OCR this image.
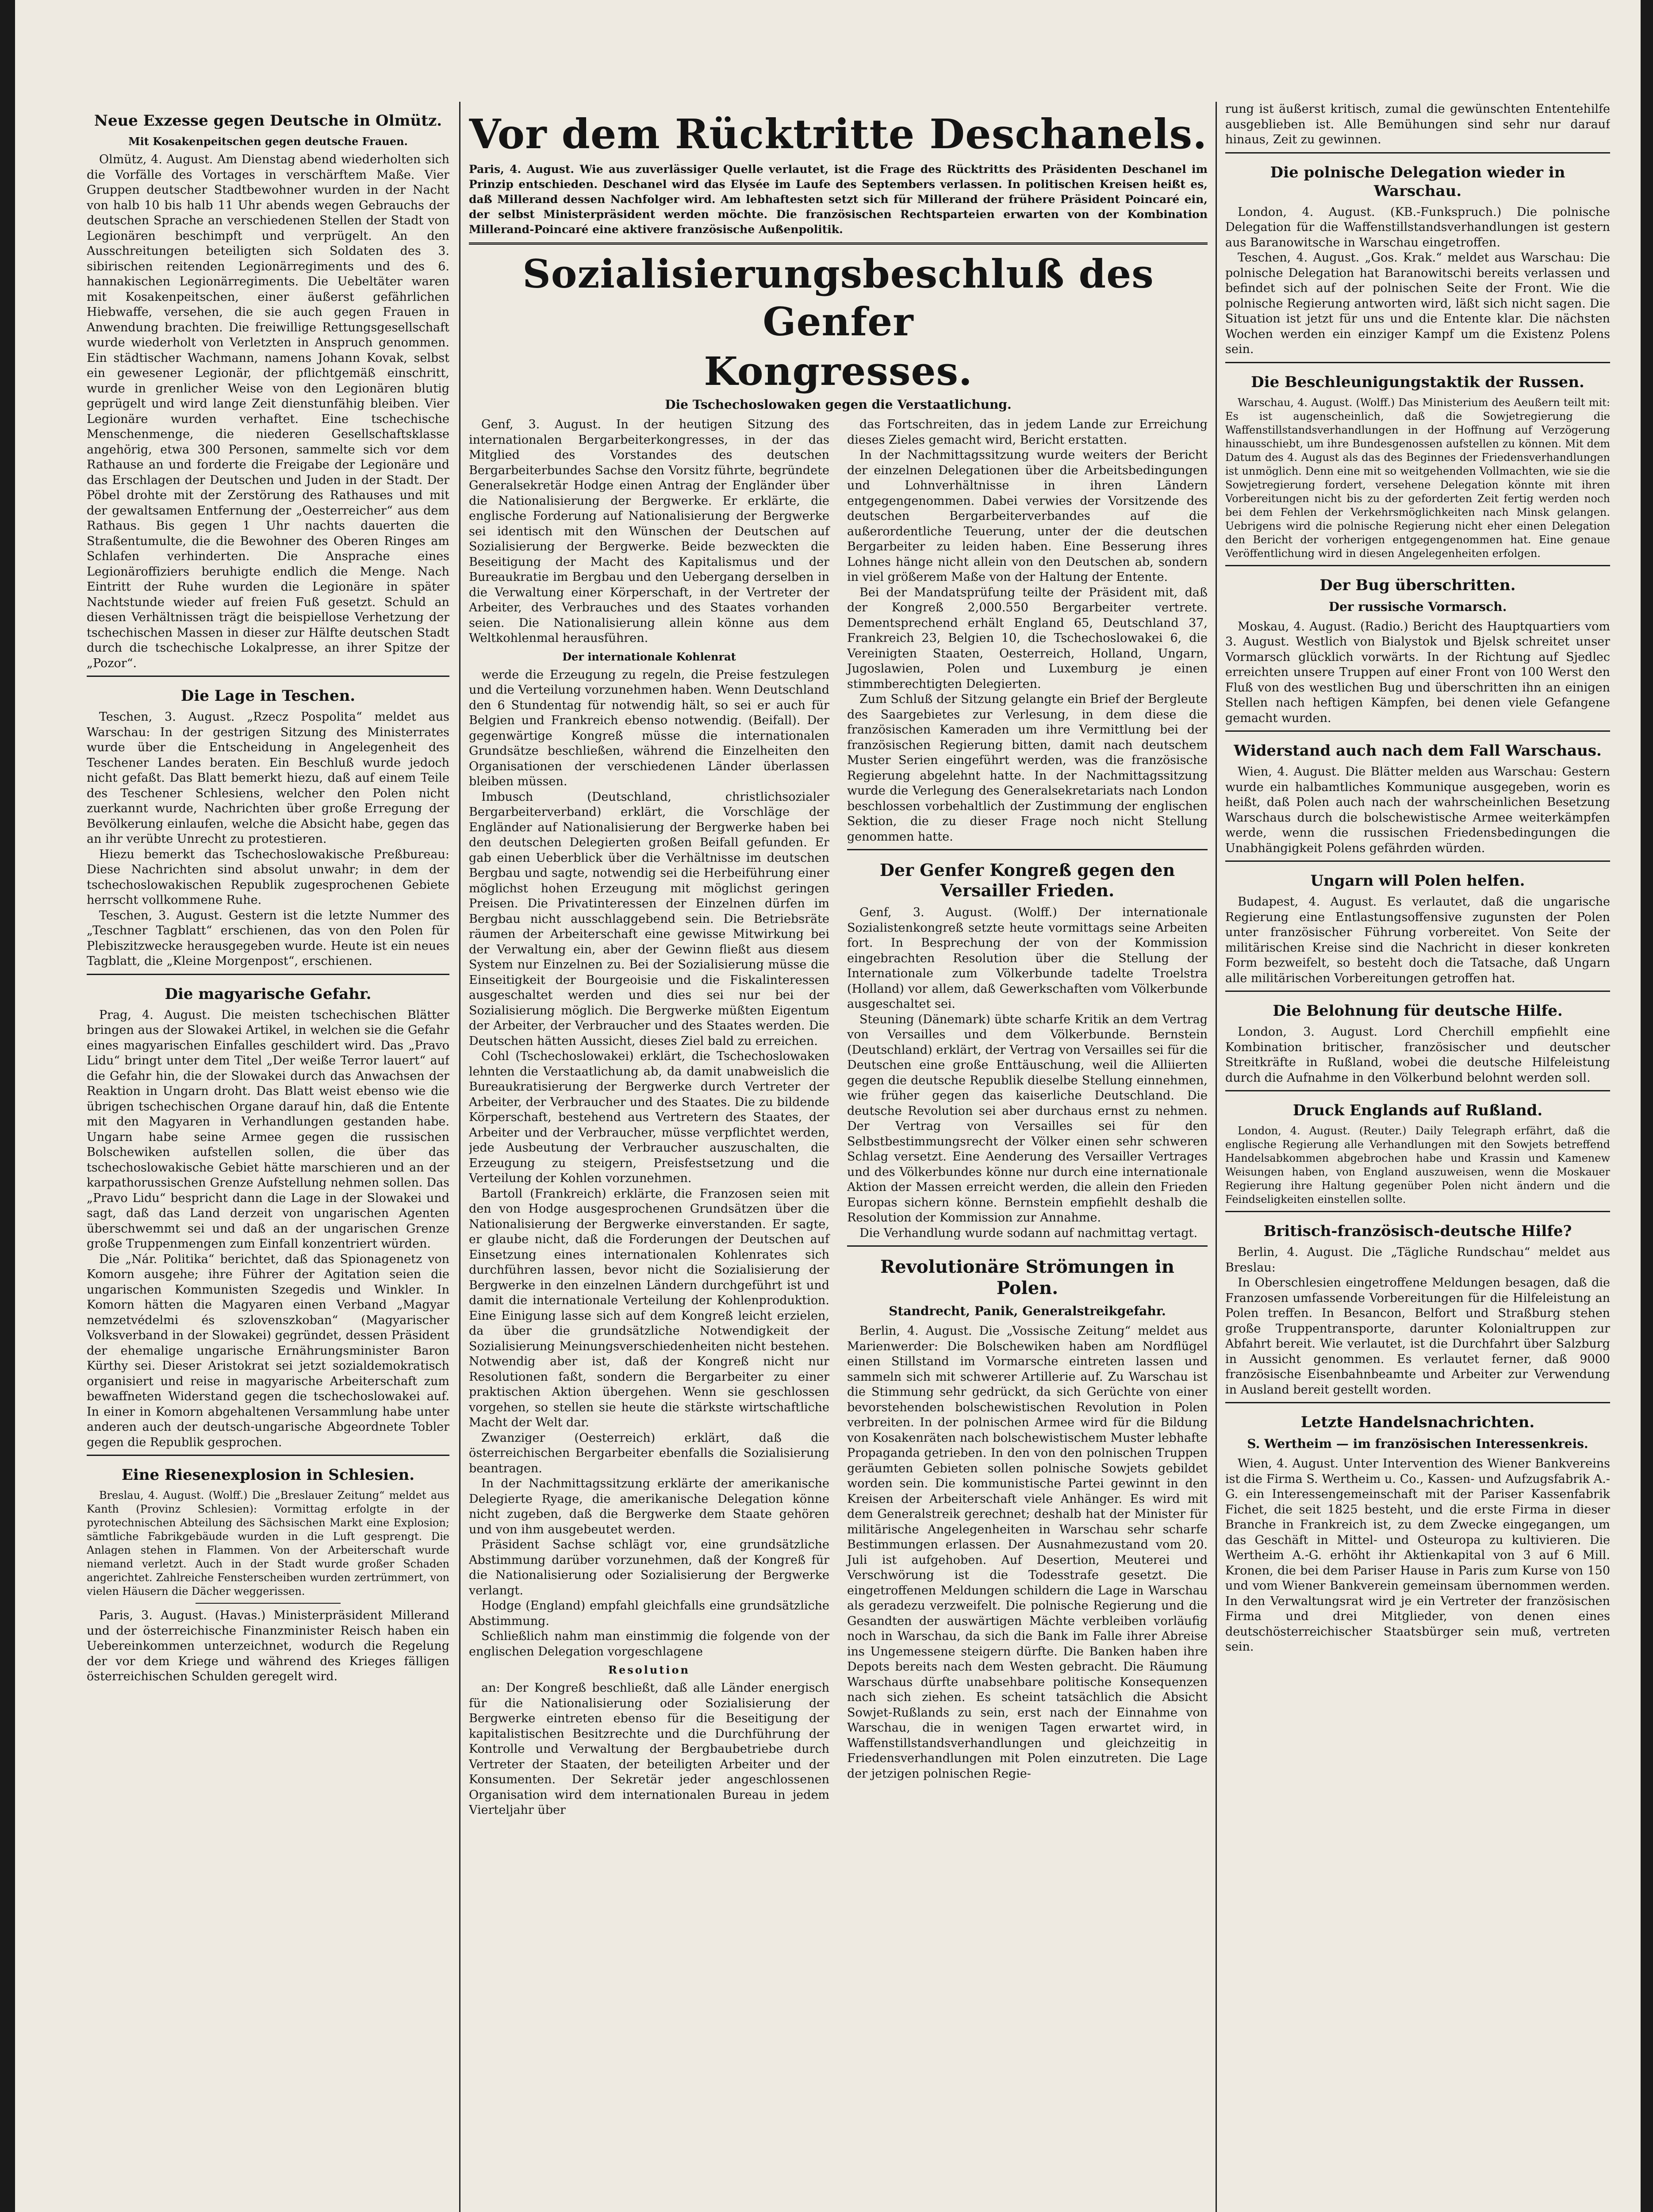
Neue Exzesse gegen Deutsche in Olmütz.
Mit Kosakenpeitschen gegen deutsche Frauen.

Olmütz, 4. August. Am Dienstag abend wiederholten sich die Vorfälle des Vortages in verschärftem Maße. Vier Gruppen deutscher Stadtbewohner wurden in der Nacht von halb 10 bis halb 11 Uhr abends wegen Gebrauchs der deutschen Sprache an verschiedenen Stellen der Stadt von Legionären beschimpft und verprügelt. An den Ausschreitungen beteiligten sich Soldaten des 3. sibirischen reitenden Legionärregiments und des 6. hannakischen Legionärregiments. Die Uebeltäter waren mit Kosakenpeitschen, einer äußerst gefährlichen Hiebwaffe, versehen, die sie auch gegen Frauen in Anwendung brachten. Die freiwillige Rettungsgesellschaft wurde wiederholt von Verletzten in Anspruch genommen. Ein städtischer Wachmann, namens Johann Kovak, selbst ein gewesener Legionär, der pflichtgemäß einschritt, wurde in grenlicher Weise von den Legionären blutig geprügelt und wird lange Zeit dienstunfähig bleiben. Vier Legionäre wurden verhaftet. Eine tschechische Menschenmenge, die niederen Gesellschaftsklasse angehörig, etwa 300 Personen, sammelte sich vor dem Rathause an und forderte die Freigabe der Legionäre und das Erschlagen der Deutschen und Juden in der Stadt. Der Pöbel drohte mit der Zerstörung des Rathauses und mit der gewaltsamen Entfernung der „Oesterreicher“ aus dem Rathaus. Bis gegen 1 Uhr nachts dauerten die Straßentumulte, die die Bewohner des Oberen Ringes am Schlafen verhinderten. Die Ansprache eines Legionäroffiziers beruhigte endlich die Menge. Nach Eintritt der Ruhe wurden die Legionäre in später Nachtstunde wieder auf freien Fuß gesetzt. Schuld an diesen Verhältnissen trägt die beispiellose Verhetzung der tschechischen Massen in dieser zur Hälfte deutschen Stadt durch die tschechische Lokalpresse, an ihrer Spitze der „Pozor“.

Die Lage in Teschen.

Teschen, 3. August. „Rzecz Pospolita“ meldet aus Warschau: In der gestrigen Sitzung des Ministerrates wurde über die Entscheidung in Angelegenheit des Teschener Landes beraten. Ein Beschluß wurde jedoch nicht gefaßt. Das Blatt bemerkt hiezu, daß auf einem Teile des Teschener Schlesiens, welcher den Polen nicht zuerkannt wurde, Nachrichten über große Erregung der Bevölkerung einlaufen, welche die Absicht habe, gegen das an ihr verübte Unrecht zu protestieren.

Hiezu bemerkt das Tschechoslowakische Preßbureau: Diese Nachrichten sind absolut unwahr; in dem der tschechoslowakischen Republik zugesprochenen Gebiete herrscht vollkommene Ruhe.

Teschen, 3. August. Gestern ist die letzte Nummer des „Teschner Tagblatt“ erschienen, das von den Polen für Plebiszitzwecke herausgegeben wurde. Heute ist ein neues Tagblatt, die „Kleine Morgenpost“, erschienen.

Die magyarische Gefahr.

Prag, 4. August. Die meisten tschechischen Blätter bringen aus der Slowakei Artikel, in welchen sie die Gefahr eines magyarischen Einfalles geschildert wird. Das „Pravo Lidu“ bringt unter dem Titel „Der weiße Terror lauert“ auf die Gefahr hin, die der Slowakei durch das Anwachsen der Reaktion in Ungarn droht. Das Blatt weist ebenso wie die übrigen tschechischen Organe darauf hin, daß die Entente mit den Magyaren in Verhandlungen gestanden habe. Ungarn habe seine Armee gegen die russischen Bolschewiken aufstellen sollen, die über das tschechoslowakische Gebiet hätte marschieren und an der karpathorussischen Grenze Aufstellung nehmen sollen. Das „Pravo Lidu“ bespricht dann die Lage in der Slowakei und sagt, daß das Land derzeit von ungarischen Agenten überschwemmt sei und daß an der ungarischen Grenze große Truppenmengen zum Einfall konzentriert würden.

Die „Nár. Politika“ berichtet, daß das Spionagenetz von Komorn ausgehe; ihre Führer der Agitation seien die ungarischen Kommunisten Szegedis und Winkler. In Komorn hätten die Magyaren einen Verband „Magyar nemzetvédelmi és szlovenszkoban“ (Magyarischer Volksverband in der Slowakei) gegründet, dessen Präsident der ehemalige ungarische Ernährungsminister Baron Kürthy sei. Dieser Aristokrat sei jetzt sozialdemokratisch organisiert und reise in magyarische Arbeiterschaft zum bewaffneten Widerstand gegen die tschechoslowakei auf. In einer in Komorn abgehaltenen Versammlung habe unter anderen auch der deutsch-ungarische Abgeordnete Tobler gegen die Republik gesprochen.

Eine Riesenexplosion in Schlesien.

Breslau, 4. August. (Wolff.) Die „Breslauer Zeitung“ meldet aus Kanth (Provinz Schlesien): Vormittag erfolgte in der pyrotechnischen Abteilung des Sächsischen Markt eine Explosion; sämtliche Fabrikgebäude wurden in die Luft gesprengt. Die Anlagen stehen in Flammen. Von der Arbeiterschaft wurde niemand verletzt. Auch in der Stadt wurde großer Schaden angerichtet. Zahlreiche Fensterscheiben wurden zertrümmert, von vielen Häusern die Dächer weggerissen.

Paris, 3. August. (Havas.) Ministerpräsident Millerand und der österreichische Finanzminister Reisch haben ein Uebereinkommen unterzeichnet, wodurch die Regelung der vor dem Kriege und während des Krieges fälligen österreichischen Schulden geregelt wird.

Vor dem Rücktritte Deschanels.
Paris, 4. August. Wie aus zuverlässiger Quelle verlautet, ist die Frage des Rücktritts des Präsidenten Deschanel im Prinzip entschieden. Deschanel wird das Elysée im Laufe des Septembers verlassen. In politischen Kreisen heißt es, daß Millerand dessen Nachfolger wird. Am lebhaftesten setzt sich für Millerand der frühere Präsident Poincaré ein, der selbst Ministerpräsident werden möchte. Die französischen Rechtsparteien erwarten von der Kombination Millerand-Poincaré eine aktivere französische Außenpolitik.
Sozialisierungsbeschluß des Genfer
Kongresses.
Die Tschechoslowaken gegen die Verstaatlichung.

Genf, 3. August. In der heutigen Sitzung des internationalen Bergarbeiterkongresses, in der das Mitglied des Vorstandes des deutschen Bergarbeiterbundes Sachse den Vorsitz führte, begründete Generalsekretär Hodge einen Antrag der Engländer über die Nationalisierung der Bergwerke. Er erklärte, die englische Forderung auf Nationalisierung der Bergwerke sei identisch mit den Wünschen der Deutschen auf Sozialisierung der Bergwerke. Beide bezweckten die Beseitigung der Macht des Kapitalismus und der Bureaukratie im Bergbau und den Uebergang derselben in die Verwaltung einer Körperschaft, in der Vertreter der Arbeiter, des Verbrauches und des Staates vorhanden seien. Die Nationalisierung allein könne aus dem Weltkohlenmal herausführen.

Der internationale Kohlenrat

werde die Erzeugung zu regeln, die Preise festzulegen und die Verteilung vorzunehmen haben. Wenn Deutschland den 6 Stundentag für notwendig hält, so sei er auch für Belgien und Frankreich ebenso notwendig. (Beifall). Der gegenwärtige Kongreß müsse die internationalen Grundsätze beschließen, während die Einzelheiten den Organisationen der verschiedenen Länder überlassen bleiben müssen.

Imbusch (Deutschland, christlichsozialer Bergarbeiterverband) erklärt, die Vorschläge der Engländer auf Nationalisierung der Bergwerke haben bei den deutschen Delegierten großen Beifall gefunden. Er gab einen Ueberblick über die Verhältnisse im deutschen Bergbau und sagte, notwendig sei die Herbeiführung einer möglichst hohen Erzeugung mit möglichst geringen Preisen. Die Privatinteressen der Einzelnen dürfen im Bergbau nicht ausschlaggebend sein. Die Betriebsräte räumen der Arbeiterschaft eine gewisse Mitwirkung bei der Verwaltung ein, aber der Gewinn fließt aus diesem System nur Einzelnen zu. Bei der Sozialisierung müsse die Einseitigkeit der Bourgeoisie und die Fiskalinteressen ausgeschaltet werden und dies sei nur bei der Sozialisierung möglich. Die Bergwerke müßten Eigentum der Arbeiter, der Verbraucher und des Staates werden. Die Deutschen hätten Aussicht, dieses Ziel bald zu erreichen.

Cohl (Tschechoslowakei) erklärt, die Tschechoslowaken lehnten die Verstaatlichung ab, da damit unabweislich die Bureaukratisierung der Bergwerke durch Vertreter der Arbeiter, der Verbraucher und des Staates. Die zu bildende Körperschaft, bestehend aus Vertretern des Staates, der Arbeiter und der Verbraucher, müsse verpflichtet werden, jede Ausbeutung der Verbraucher auszuschalten, die Erzeugung zu steigern, Preisfestsetzung und die Verteilung der Kohlen vorzunehmen.

Bartoll (Frankreich) erklärte, die Franzosen seien mit den von Hodge ausgesprochenen Grundsätzen über die Nationalisierung der Bergwerke einverstanden. Er sagte, er glaube nicht, daß die Forderungen der Deutschen auf Einsetzung eines internationalen Kohlenrates sich durchführen lassen, bevor nicht die Sozialisierung der Bergwerke in den einzelnen Ländern durchgeführt ist und damit die internationale Verteilung der Kohlenproduktion. Eine Einigung lasse sich auf dem Kongreß leicht erzielen, da über die grundsätzliche Notwendigkeit der Sozialisierung Meinungsverschiedenheiten nicht bestehen. Notwendig aber ist, daß der Kongreß nicht nur Resolutionen faßt, sondern die Bergarbeiter zu einer praktischen Aktion übergehen. Wenn sie geschlossen vorgehen, so stellen sie heute die stärkste wirtschaftliche Macht der Welt dar.

Zwanziger (Oesterreich) erklärt, daß die österreichischen Bergarbeiter ebenfalls die Sozialisierung beantragen.

In der Nachmittagssitzung erklärte der amerikanische Delegierte Ryage, die amerikanische Delegation könne nicht zugeben, daß die Bergwerke dem Staate gehören und von ihm ausgebeutet werden.

Präsident Sachse schlägt vor, eine grundsätzliche Abstimmung darüber vorzunehmen, daß der Kongreß für die Nationalisierung oder Sozialisierung der Bergwerke verlangt.

Hodge (England) empfahl gleichfalls eine grundsätzliche Abstimmung.

Schließlich nahm man einstimmig die folgende von der englischen Delegation vorgeschlagene

Resolution

an: Der Kongreß beschließt, daß alle Länder energisch für die Nationalisierung oder Sozialisierung der Bergwerke eintreten ebenso für die Beseitigung der kapitalistischen Besitzrechte und die Durchführung der Kontrolle und Verwaltung der Bergbaubetriebe durch Vertreter der Staaten, der beteiligten Arbeiter und der Konsumenten. Der Sekretär jeder angeschlossenen Organisation wird dem internationalen Bureau in jedem Vierteljahr über

das Fortschreiten, das in jedem Lande zur Erreichung dieses Zieles gemacht wird, Bericht erstatten.

In der Nachmittagssitzung wurde weiters der Bericht der einzelnen Delegationen über die Arbeitsbedingungen und Lohnverhältnisse in ihren Ländern entgegengenommen. Dabei verwies der Vorsitzende des deutschen Bergarbeiterverbandes auf die außerordentliche Teuerung, unter der die deutschen Bergarbeiter zu leiden haben. Eine Besserung ihres Lohnes hänge nicht allein von den Deutschen ab, sondern in viel größerem Maße von der Haltung der Entente.

Bei der Mandatsprüfung teilte der Präsident mit, daß der Kongreß 2,000.550 Bergarbeiter vertrete. Dementsprechend erhält England 65, Deutschland 37, Frankreich 23, Belgien 10, die Tschechoslowakei 6, die Vereinigten Staaten, Oesterreich, Holland, Ungarn, Jugoslawien, Polen und Luxemburg je einen stimmberechtigten Delegierten.

Zum Schluß der Sitzung gelangte ein Brief der Bergleute des Saargebietes zur Verlesung, in dem diese die französischen Kameraden um ihre Vermittlung bei der französischen Regierung bitten, damit nach deutschem Muster Serien eingeführt werden, was die französische Regierung abgelehnt hatte. In der Nachmittagssitzung wurde die Verlegung des Generalsekretariats nach London beschlossen vorbehaltlich der Zustimmung der englischen Sektion, die zu dieser Frage noch nicht Stellung genommen hatte.

Der Genfer Kongreß gegen den Versailler Frieden.

Genf, 3. August. (Wolff.) Der internationale Sozialistenkongreß setzte heute vormittags seine Arbeiten fort. In Besprechung der von der Kommission eingebrachten Resolution über die Stellung der Internationale zum Völkerbunde tadelte Troelstra (Holland) vor allem, daß Gewerkschaften vom Völkerbunde ausgeschaltet sei.

Steuning (Dänemark) übte scharfe Kritik an dem Vertrag von Versailles und dem Völkerbunde. Bernstein (Deutschland) erklärt, der Vertrag von Versailles sei für die Deutschen eine große Enttäuschung, weil die Alliierten gegen die deutsche Republik dieselbe Stellung einnehmen, wie früher gegen das kaiserliche Deutschland. Die deutsche Revolution sei aber durchaus ernst zu nehmen. Der Vertrag von Versailles sei für den Selbstbestimmungsrecht der Völker einen sehr schweren Schlag versetzt. Eine Aenderung des Versailler Vertrages und des Völkerbundes könne nur durch eine internationale Aktion der Massen erreicht werden, die allein den Frieden Europas sichern könne. Bernstein empfiehlt deshalb die Resolution der Kommission zur Annahme.

Die Verhandlung wurde sodann auf nachmittag vertagt.

Revolutionäre Strömungen in Polen.
Standrecht, Panik, Generalstreikgefahr.

Berlin, 4. August. Die „Vossische Zeitung“ meldet aus Marienwerder: Die Bolschewiken haben am Nordflügel einen Stillstand im Vormarsche eintreten lassen und sammeln sich mit schwerer Artillerie auf. Zu Warschau ist die Stimmung sehr gedrückt, da sich Gerüchte von einer bevorstehenden bolschewistischen Revolution in Polen verbreiten. In der polnischen Armee wird für die Bildung von Kosakenräten nach bolschewistischem Muster lebhafte Propaganda getrieben. In den von den polnischen Truppen geräumten Gebieten sollen polnische Sowjets gebildet worden sein. Die kommunistische Partei gewinnt in den Kreisen der Arbeiterschaft viele Anhänger. Es wird mit dem Generalstreik gerechnet; deshalb hat der Minister für militärische Angelegenheiten in Warschau sehr scharfe Bestimmungen erlassen. Der Ausnahmezustand vom 20. Juli ist aufgehoben. Auf Desertion, Meuterei und Verschwörung ist die Todesstrafe gesetzt. Die eingetroffenen Meldungen schildern die Lage in Warschau als geradezu verzweifelt. Die polnische Regierung und die Gesandten der auswärtigen Mächte verbleiben vorläufig noch in Warschau, da sich die Bank im Falle ihrer Abreise ins Ungemessene steigern dürfte. Die Banken haben ihre Depots bereits nach dem Westen gebracht. Die Räumung Warschaus dürfte unabsehbare politische Konsequenzen nach sich ziehen. Es scheint tatsächlich die Absicht Sowjet-Rußlands zu sein, erst nach der Einnahme von Warschau, die in wenigen Tagen erwartet wird, in Waffenstillstandsverhandlungen und gleichzeitig in Friedensverhandlungen mit Polen einzutreten. Die Lage der jetzigen polnischen Regie-

rung ist äußerst kritisch, zumal die gewünschten Ententehilfe ausgeblieben ist. Alle Bemühungen sind sehr nur darauf hinaus, Zeit zu gewinnen.

Die polnische Delegation wieder in Warschau.

London, 4. August. (KB.-Funkspruch.) Die polnische Delegation für die Waffenstillstandsverhandlungen ist gestern aus Baranowitsche in Warschau eingetroffen.

Teschen, 4. August. „Gos. Krak.“ meldet aus Warschau: Die polnische Delegation hat Baranowitschi bereits verlassen und befindet sich auf der polnischen Seite der Front. Wie die polnische Regierung antworten wird, läßt sich nicht sagen. Die Situation ist jetzt für uns und die Entente klar. Die nächsten Wochen werden ein einziger Kampf um die Existenz Polens sein.

Die Beschleunigungstaktik der Russen.

Warschau, 4. August. (Wolff.) Das Ministerium des Aeußern teilt mit: Es ist augenscheinlich, daß die Sowjetregierung die Waffenstillstandsverhandlungen in der Hoffnung auf Verzögerung hinausschiebt, um ihre Bundesgenossen aufstellen zu können. Mit dem Datum des 4. August als das des Beginnes der Friedensverhandlungen ist unmöglich. Denn eine mit so weitgehenden Vollmachten, wie sie die Sowjetregierung fordert, versehene Delegation könnte mit ihren Vorbereitungen nicht bis zu der geforderten Zeit fertig werden noch bei dem Fehlen der Verkehrsmöglichkeiten nach Minsk gelangen. Uebrigens wird die polnische Regierung nicht eher einen Delegation den Bericht der vorherigen entgegengenommen hat. Eine genaue Veröffentlichung wird in diesen Angelegenheiten erfolgen.

Der Bug überschritten.
Der russische Vormarsch.

Moskau, 4. August. (Radio.) Bericht des Hauptquartiers vom 3. August. Westlich von Bialystok und Bjelsk schreitet unser Vormarsch glücklich vorwärts. In der Richtung auf Sjedlec erreichten unsere Truppen auf einer Front von 100 Werst den Fluß von des westlichen Bug und überschritten ihn an einigen Stellen nach heftigen Kämpfen, bei denen viele Gefangene gemacht wurden.

Widerstand auch nach dem Fall Warschaus.

Wien, 4. August. Die Blätter melden aus Warschau: Gestern wurde ein halbamtliches Kommunique ausgegeben, worin es heißt, daß Polen auch nach der wahrscheinlichen Besetzung Warschaus durch die bolschewistische Armee weiterkämpfen werde, wenn die russischen Friedensbedingungen die Unabhängigkeit Polens gefährden würden.

Ungarn will Polen helfen.

Budapest, 4. August. Es verlautet, daß die ungarische Regierung eine Entlastungsoffensive zugunsten der Polen unter französischer Führung vorbereitet. Von Seite der militärischen Kreise sind die Nachricht in dieser konkreten Form bezweifelt, so besteht doch die Tatsache, daß Ungarn alle militärischen Vorbereitungen getroffen hat.

Die Belohnung für deutsche Hilfe.

London, 3. August. Lord Cherchill empfiehlt eine Kombination britischer, französischer und deutscher Streitkräfte in Rußland, wobei die deutsche Hilfeleistung durch die Aufnahme in den Völkerbund belohnt werden soll.

Druck Englands auf Rußland.

London, 4. August. (Reuter.) Daily Telegraph erfährt, daß die englische Regierung alle Verhandlungen mit den Sowjets betreffend Handelsabkommen abgebrochen habe und Krassin und Kamenew Weisungen haben, von England auszuweisen, wenn die Moskauer Regierung ihre Haltung gegenüber Polen nicht ändern und die Feindseligkeiten einstellen sollte.

Britisch-französisch-deutsche Hilfe?

Berlin, 4. August. Die „Tägliche Rundschau“ meldet aus Breslau:

In Oberschlesien eingetroffene Meldungen besagen, daß die Franzosen umfassende Vorbereitungen für die Hilfeleistung an Polen treffen. In Besancon, Belfort und Straßburg stehen große Truppentransporte, darunter Kolonialtruppen zur Abfahrt bereit. Wie verlautet, ist die Durchfahrt über Salzburg in Aussicht genommen. Es verlautet ferner, daß 9000 französische Eisenbahnbeamte und Arbeiter zur Verwendung in Ausland bereit gestellt worden.

Letzte Handelsnachrichten.
S. Wertheim — im französischen Interessenkreis.

Wien, 4. August. Unter Intervention des Wiener Bankvereins ist die Firma S. Wertheim u. Co., Kassen- und Aufzugsfabrik A.-G. ein Interessengemeinschaft mit der Pariser Kassenfabrik Fichet, die seit 1825 besteht, und die erste Firma in dieser Branche in Frankreich ist, zu dem Zwecke eingegangen, um das Geschäft in Mittel- und Osteuropa zu kultivieren. Die Wertheim A.-G. erhöht ihr Aktienkapital von 3 auf 6 Mill. Kronen, die bei dem Pariser Hause in Paris zum Kurse von 150 und vom Wiener Bankverein gemeinsam übernommen werden. In den Verwaltungsrat wird je ein Vertreter der französischen Firma und drei Mitglieder, von denen eines deutschösterreichischer Staatsbürger sein muß, vertreten sein.
